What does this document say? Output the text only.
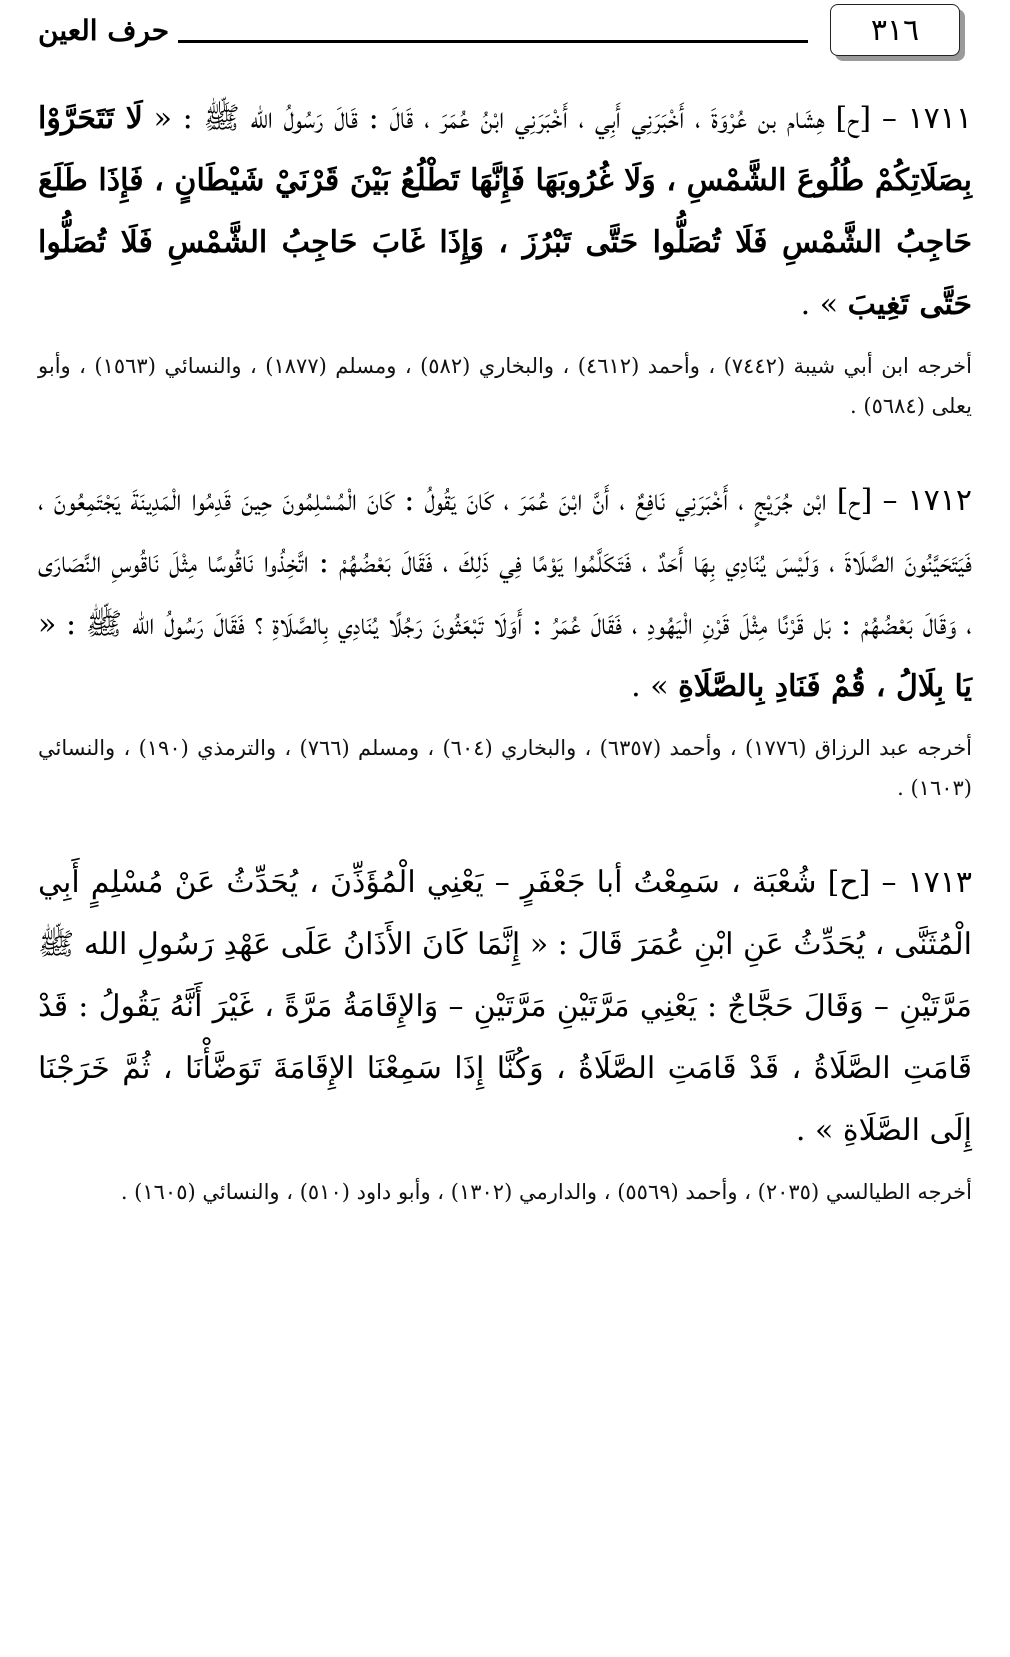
٣١٦
حرف العين

١٧١١ – [ح] هِشَام بن عُرْوَةَ ، أَخْبَرَنِي أَبِي ، أَخْبَرَنِي ابْنُ عُمَرَ ، قَالَ : قَالَ رَسُولُ الله ﷺ : « لَا تَتَحَرَّوْا بِصَلَاتِكُمْ طُلُوعَ الشَّمْسِ ، وَلَا غُرُوبَهَا فَإِنَّهَا تَطْلُعُ بَيْنَ قَرْنَيْ شَيْطَانٍ ، فَإِذَا طَلَعَ حَاجِبُ الشَّمْسِ فَلَا تُصَلُّوا حَتَّى تَبْرُزَ ، وَإِذَا غَابَ حَاجِبُ الشَّمْسِ فَلَا تُصَلُّوا حَتَّى تَغِيبَ » .

أخرجه ابن أبي شيبة (٧٤٤٢) ، وأحمد (٤٦١٢) ، والبخاري (٥٨٢) ، ومسلم (١٨٧٧) ، والنسائي (١٥٦٣) ، وأبو يعلى (٥٦٨٤) .

١٧١٢ – [ح] ابْن جُرَيْجٍ ، أَخْبَرَنِي نَافِعٌ ، أَنَّ ابْنَ عُمَرَ ، كَانَ يَقُولُ : كَانَ الْمُسْلِمُونَ حِينَ قَدِمُوا الْمَدِينَةَ يَجْتَمِعُونَ ، فَيَتَحَيَّنُونَ الصَّلَاةَ ، وَلَيْسَ يُنَادِي بِهَا أَحَدٌ ، فَتَكَلَّمُوا يَوْمًا فِي ذَلِكَ ، فَقَالَ بَعْضُهُمْ : اتَّخِذُوا نَاقُوسًا مِثْلَ نَاقُوسِ النَّصَارَى ، وَقَالَ بَعْضُهُمْ : بَل قَرْنًا مِثْلَ قَرْنِ الْيَهُودِ ، فَقَالَ عُمَرُ : أَوَلَا تَبْعَثُونَ رَجُلًا يُنَادِي بِالصَّلَاةِ ؟ فَقَالَ رَسُولُ الله ﷺ : « يَا بِلَالُ ، قُمْ فَنَادِ بِالصَّلَاةِ » .

أخرجه عبد الرزاق (١٧٧٦) ، وأحمد (٦٣٥٧) ، والبخاري (٦٠٤) ، ومسلم (٧٦٦) ، والترمذي (١٩٠) ، والنسائي (١٦٠٣) .

١٧١٣ – [ح] شُعْبَة ، سَمِعْتُ أبا جَعْفَرٍ – يَعْنِي الْمُؤَذِّنَ ، يُحَدِّثُ عَنْ مُسْلِمٍ أَبِي الْمُثَنَّى ، يُحَدِّثُ عَنِ ابْنِ عُمَرَ قَالَ : « إِنَّمَا كَانَ الأَذَانُ عَلَى عَهْدِ رَسُولِ الله ﷺ مَرَّتَيْنِ – وَقَالَ حَجَّاجٌ : يَعْنِي مَرَّتَيْنِ مَرَّتَيْنِ – وَالإِقَامَةُ مَرَّةً ، غَيْرَ أَنَّهُ يَقُولُ : قَدْ قَامَتِ الصَّلَاةُ ، قَدْ قَامَتِ الصَّلَاةُ ، وَكُنَّا إِذَا سَمِعْنَا الإِقَامَةَ تَوَضَّأْنَا ، ثُمَّ خَرَجْنَا إِلَى الصَّلَاةِ » .

أخرجه الطيالسي (٢٠٣٥) ، وأحمد (٥٥٦٩) ، والدارمي (١٣٠٢) ، وأبو داود (٥١٠) ، والنسائي (١٦٠٥) .
